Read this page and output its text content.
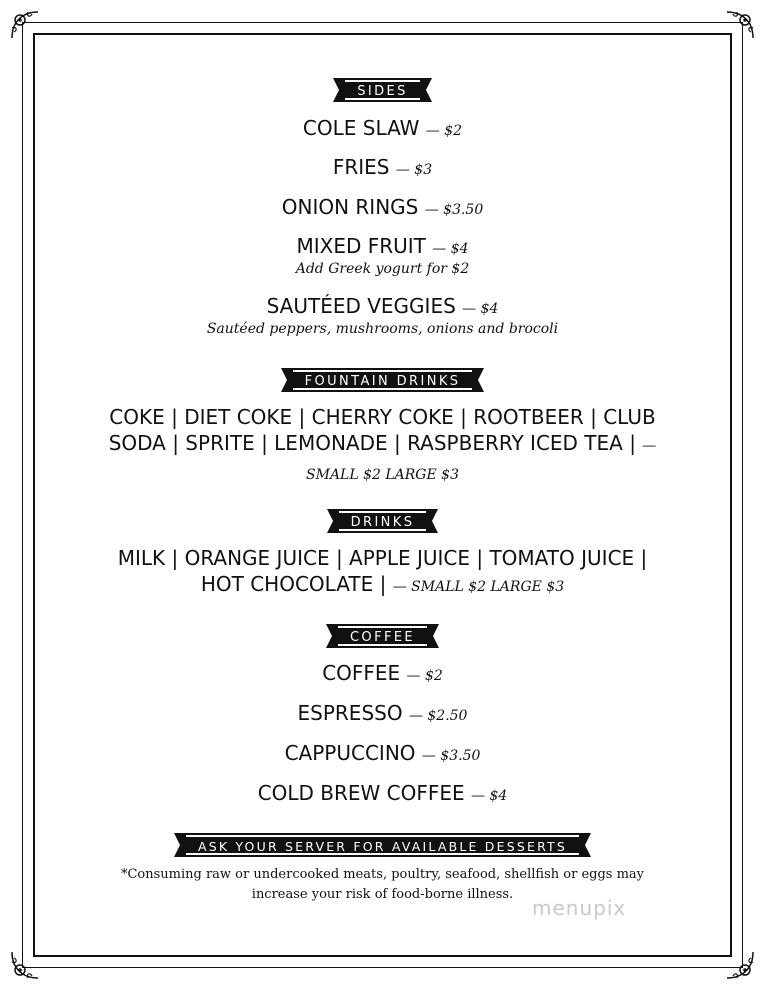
SIDES
COLE SLAW — $2
FRIES — $3
ONION RINGS — $3.50
MIXED FRUIT — $4
Add Greek yogurt for $2
SAUTÉED VEGGIES — $4
Sautéed peppers, mushrooms, onions and brocoli
FOUNTAIN DRINKS
COKE | DIET COKE | CHERRY COKE | ROOTBEER | CLUB SODA | SPRITE | LEMONADE | RASPBERRY ICED TEA | — SMALL $2 LARGE $3
DRINKS
MILK | ORANGE JUICE | APPLE JUICE | TOMATO JUICE | HOT CHOCOLATE | — SMALL $2 LARGE $3
COFFEE
COFFEE — $2
ESPRESSO — $2.50
CAPPUCCINO — $3.50
COLD BREW COFFEE — $4
ASK YOUR SERVER FOR AVAILABLE DESSERTS
*Consuming raw or undercooked meats, poultry, seafood, shellfish or eggs may increase your risk of food-borne illness.
menupix
